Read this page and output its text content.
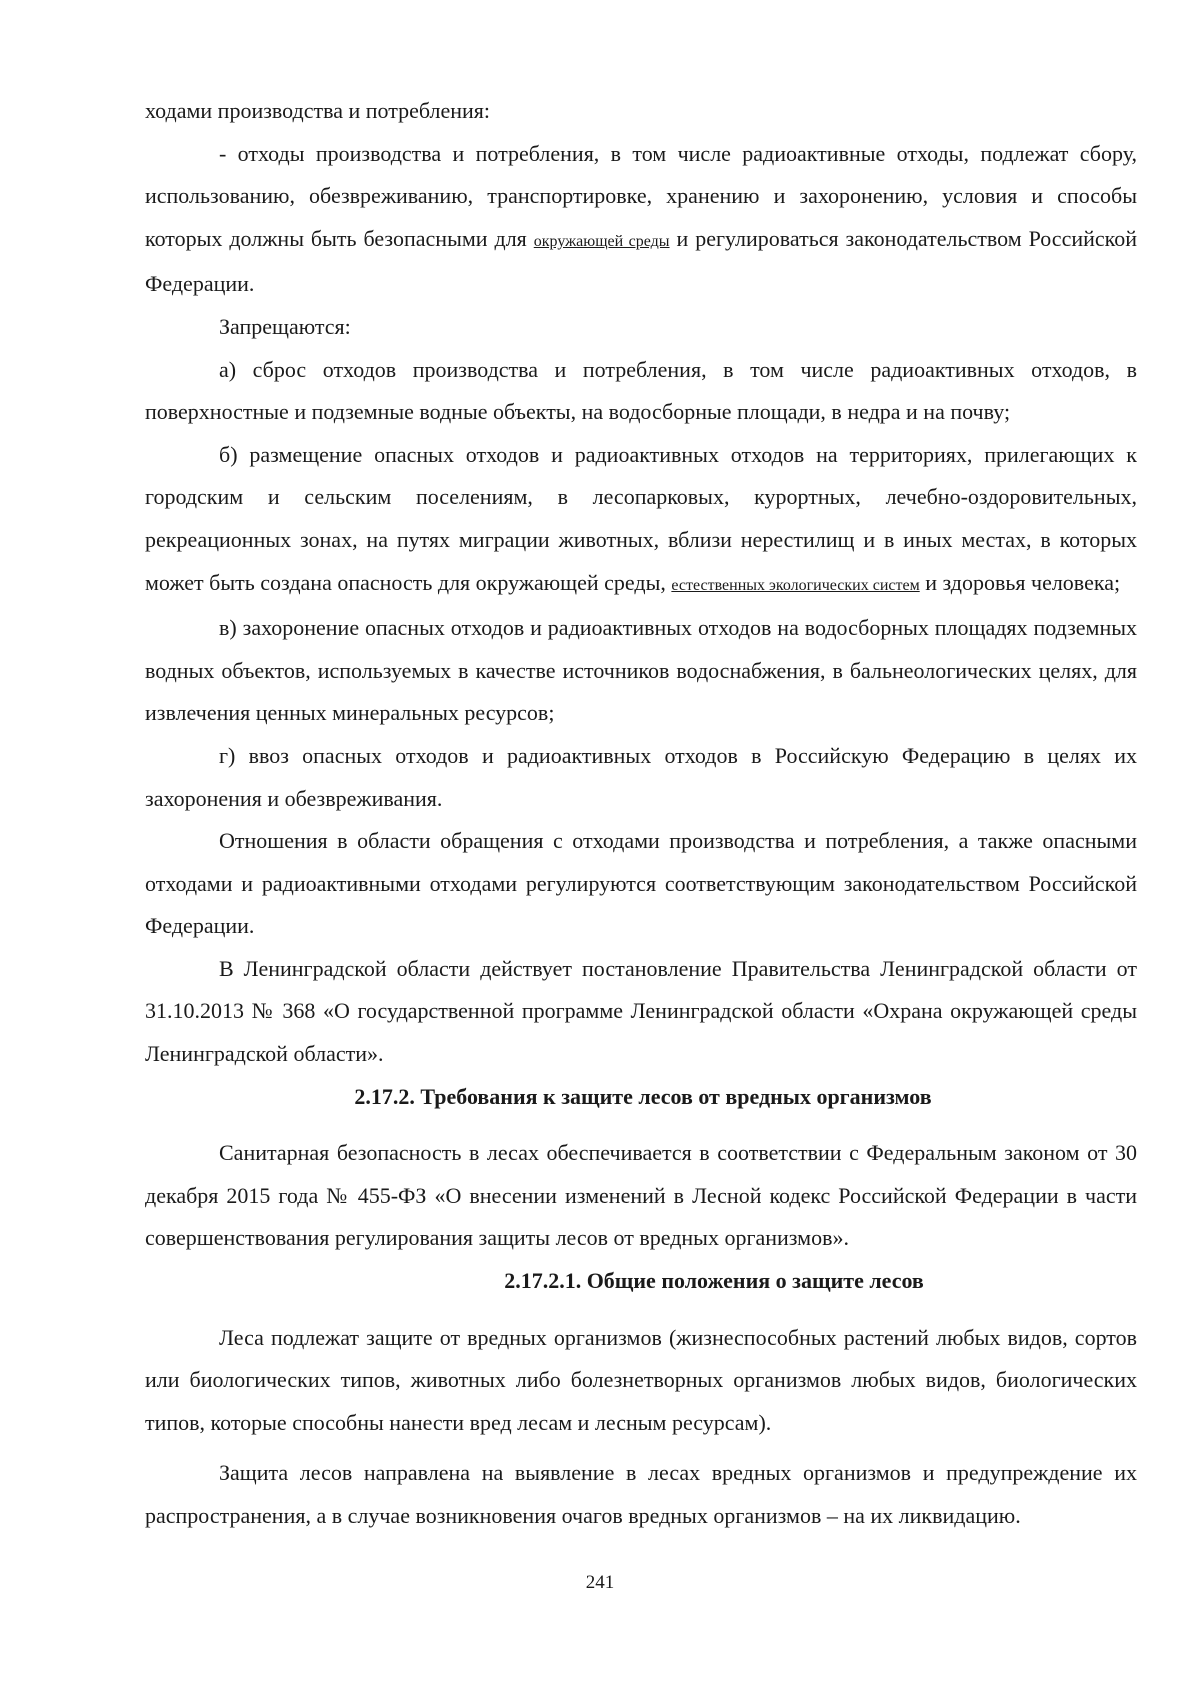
ходами производства и потребления:

- отходы производства и потребления, в том числе радиоактивные отходы, подлежат сбору, использованию, обезвреживанию, транспортировке, хранению и захоронению, условия и способы которых должны быть безопасными для окружающей среды и регулироваться законодательством Российской Федерации.

Запрещаются:

а) сброс отходов производства и потребления, в том числе радиоактивных отходов, в поверхностные и подземные водные объекты, на водосборные площади, в недра и на почву;

б) размещение опасных отходов и радиоактивных отходов на территориях, прилегающих к городским и сельским поселениям, в лесопарковых, курортных, лечебно-оздоровительных, рекреационных зонах, на путях миграции животных, вблизи нерестилищ и в иных местах, в которых может быть создана опасность для окружающей среды, естественных экологических систем и здоровья человека;

в) захоронение опасных отходов и радиоактивных отходов на водосборных площадях подземных водных объектов, используемых в качестве источников водоснабжения, в бальнеологических целях, для извлечения ценных минеральных ресурсов;

г) ввоз опасных отходов и радиоактивных отходов в Российскую Федерацию в целях их захоронения и обезвреживания.

Отношения в области обращения с отходами производства и потребления, а также опасными отходами и радиоактивными отходами регулируются соответствующим законодательством Российской Федерации.

В Ленинградской области действует постановление Правительства Ленинградской области от 31.10.2013 № 368 «О государственной программе Ленинградской области «Охрана окружающей среды Ленинградской области».

2.17.2. Требования к защите лесов от вредных организмов

Санитарная безопасность в лесах обеспечивается в соответствии с Федеральным законом от 30 декабря 2015 года № 455-ФЗ «О внесении изменений в Лесной кодекс Российской Федерации в части совершенствования регулирования защиты лесов от вредных организмов».

2.17.2.1. Общие положения о защите лесов

Леса подлежат защите от вредных организмов (жизнеспособных растений любых видов, сортов или биологических типов, животных либо болезнетворных организмов любых видов, биологических типов, которые способны нанести вред лесам и лесным ресурсам).

Защита лесов направлена на выявление в лесах вредных организмов и предупреждение их распространения, а в случае возникновения очагов вредных организмов – на их ликвидацию.

241
